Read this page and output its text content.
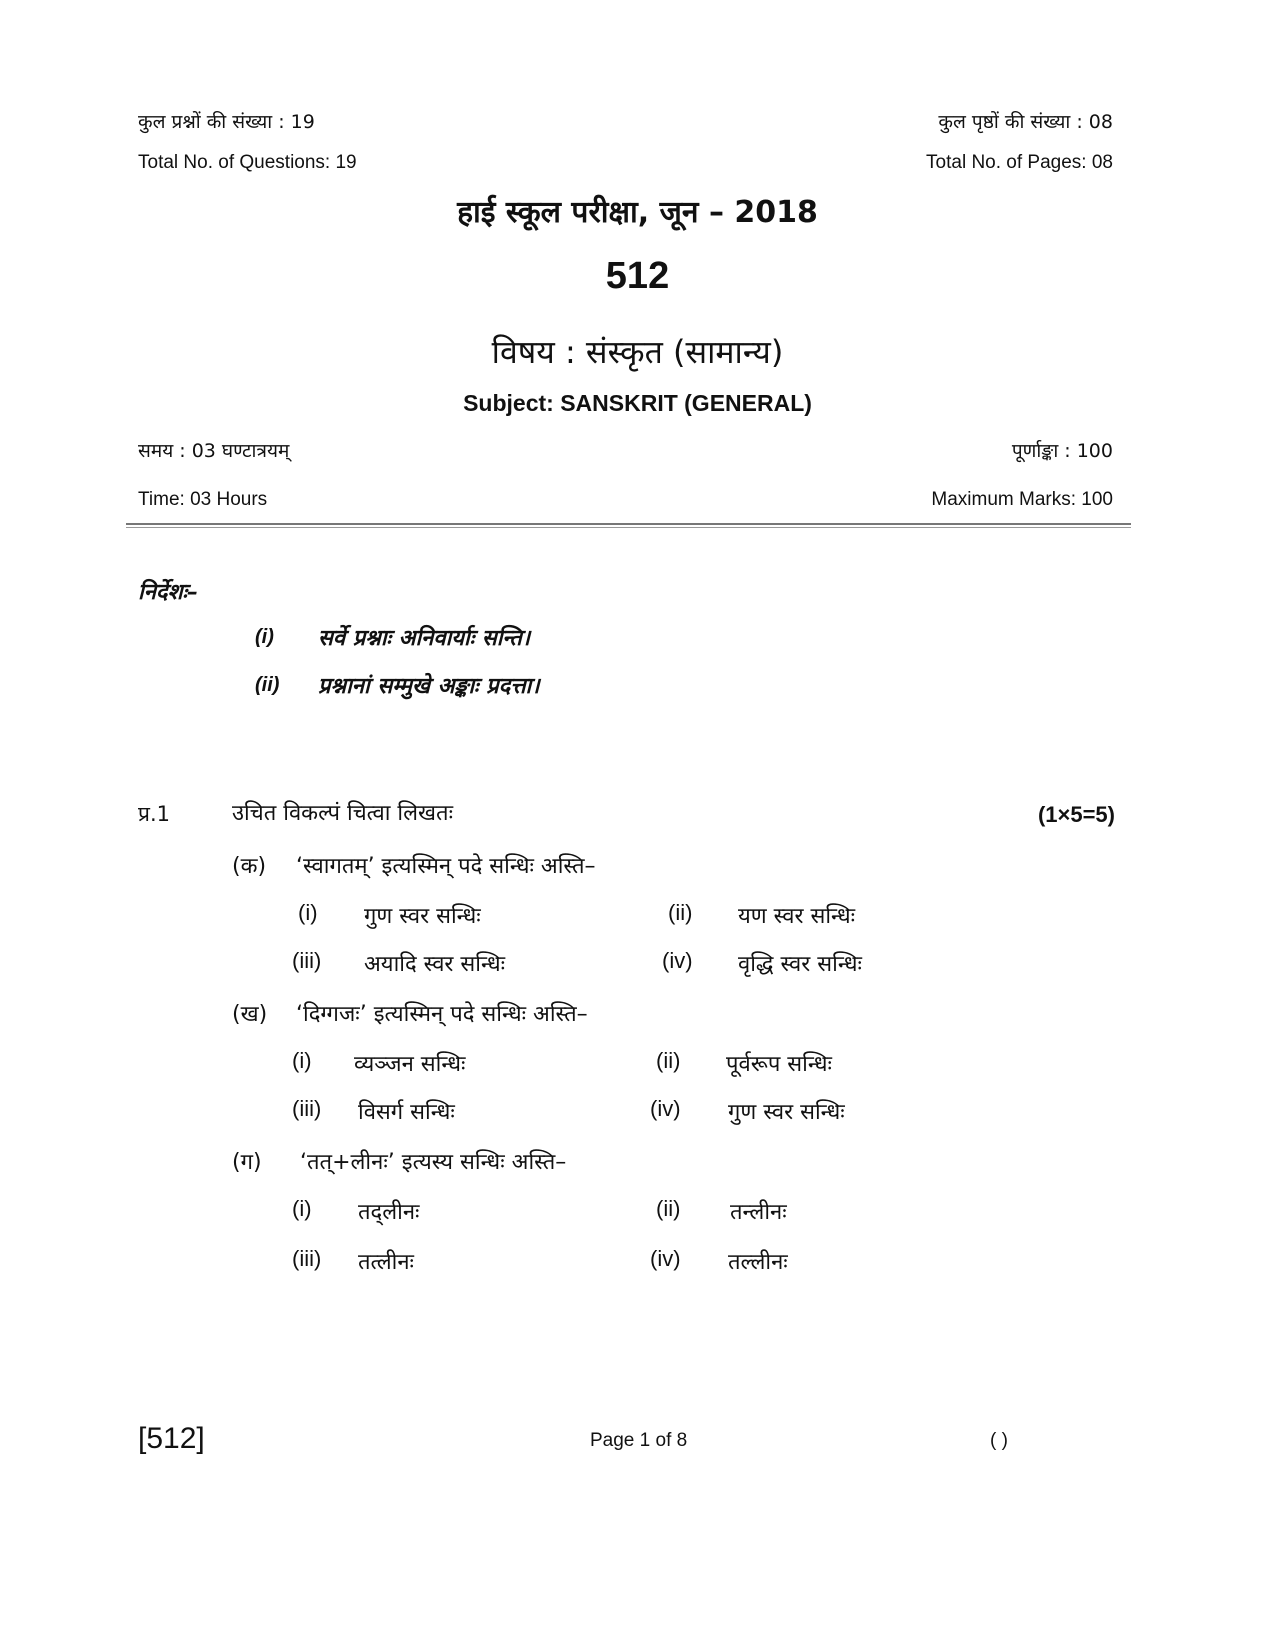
कुल प्रश्नों की संख्या : 19	कुल पृष्ठों की संख्या : 08
Total No. of Questions: 19	Total No. of Pages: 08
हाई स्कूल परीक्षा, जून – 2018
512
विषय : संस्कृत (सामान्य)
Subject: SANSKRIT (GENERAL)
समय : 03 घण्टात्रयम्	पूर्णाङ्का : 100
Time: 03 Hours	Maximum Marks: 100
निर्देशः–
(i) सर्वे प्रश्नाः अनिवार्याः सन्ति।
(ii) प्रश्नानां सम्मुखे अङ्काः प्रदत्ता।
प्र.1	उचित विकल्पं चित्वा लिखतः	(1×5=5)
(क) ‘स्वागतम्’ इत्यस्मिन् पदे सन्धिः अस्ति–
(i) गुण स्वर सन्धिः	(ii) यण स्वर सन्धिः
(iii) अयादि स्वर सन्धिः	(iv) वृद्धि स्वर सन्धिः
(ख) ‘दिग्गजः’ इत्यस्मिन् पदे सन्धिः अस्ति–
(i) व्यञ्जन सन्धिः	(ii) पूर्वरूप सन्धिः
(iii) विसर्ग सन्धिः	(iv) गुण स्वर सन्धिः
(ग) ‘तत्+लीनः’ इत्यस्य सन्धिः अस्ति–
(i) तद्लीनः	(ii) तन्लीनः
(iii) तत्लीनः	(iv) तल्लीनः
[512]	Page 1 of 8	( )
